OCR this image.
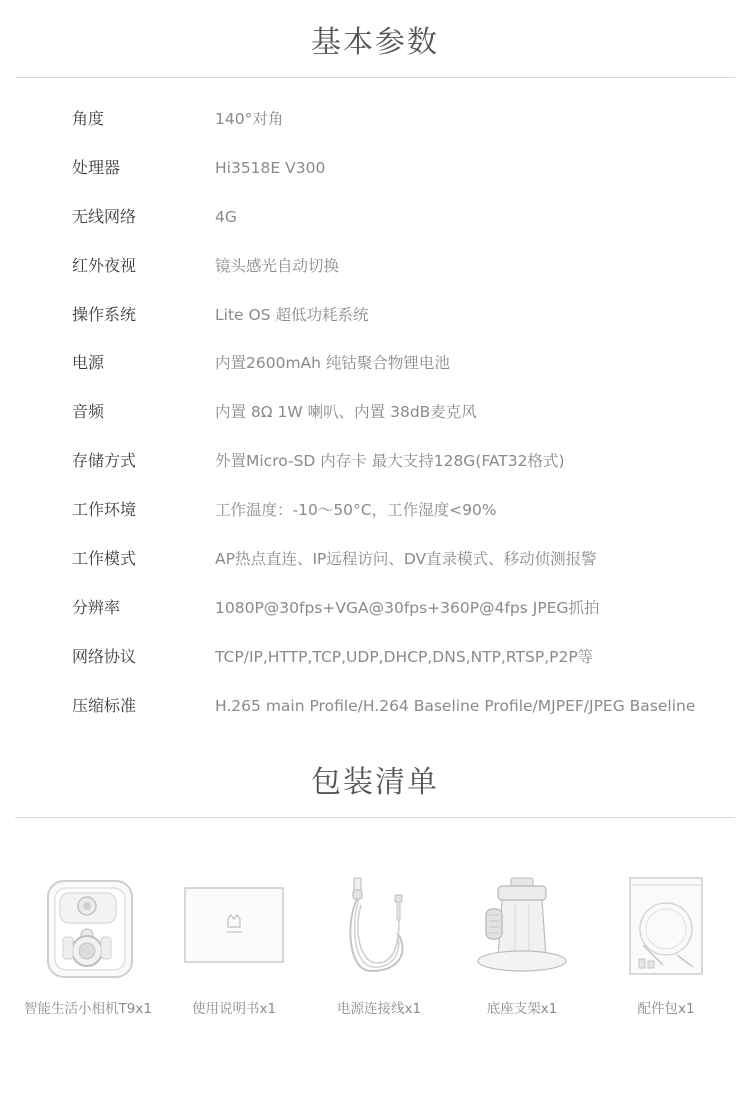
基本参数
角度	140°对角
处理器	Hi3518E V300
无线网络	4G
红外夜视	镜头感光自动切换
操作系统	Lite OS 超低功耗系统
电源	内置2600mAh 纯钴聚合物锂电池
音频	内置 8Ω 1W 喇叭、内置 38dB麦克风
存储方式	外置Micro-SD 内存卡 最大支持128G(FAT32格式)
工作环境	工作温度：-10～50°C，工作湿度<90%
工作模式	AP热点直连、IP远程访问、DV直录模式、移动侦测报警
分辨率	1080P@30fps+VGA@30fps+360P@4fps JPEG抓拍
网络协议	TCP/IP,HTTP,TCP,UDP,DHCP,DNS,NTP,RTSP,P2P等
压缩标准	H.265 main Profile/H.264 Baseline Profile/MJPEF/JPEG Baseline
包装清单
智能生活小相机T9x1	使用说明书x1	电源连接线x1	底座支架x1	配件包x1
